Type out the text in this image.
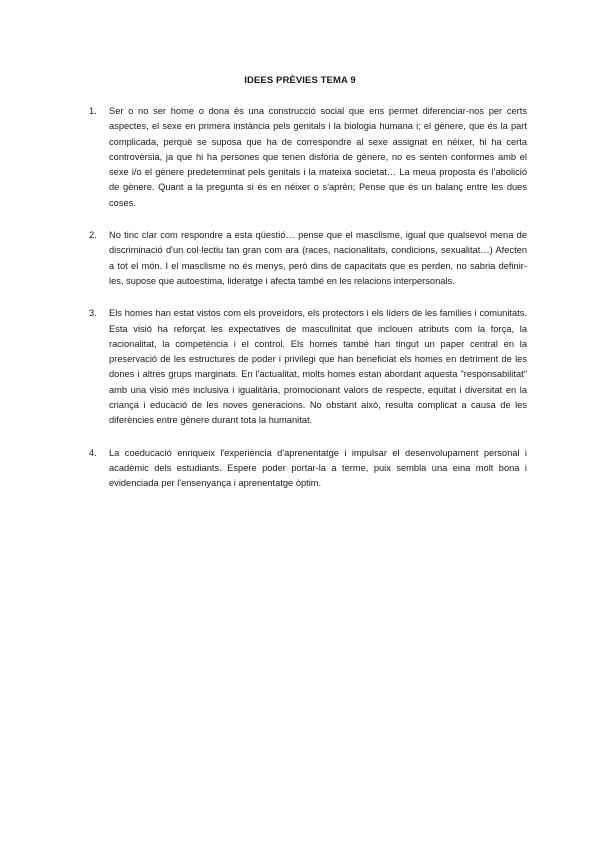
IDEES PRÈVIES TEMA 9
1.	Ser o no ser home o dona és una construcció social que ens permet diferenciar-nos per certs aspectes, el sexe en primera instància pels genitals i la biologia humana i; el gènere, que és la part complicada, perquè se suposa que ha de correspondre al sexe assignat en néixer, hi ha certa controvèrsia, ja que hi ha persones que tenen disfòria de gènere, no es senten conformes amb el sexe i/o el gènere predeterminat pels genitals i la mateixa societat… La meua proposta és l'abolició de gènere. Quant a la pregunta si és en néixer o s'aprèn; Pense que és un balanç entre les dues coses.
2.	No tinc clar com respondre a esta qüestió… pense que el masclisme, igual que qualsevol mena de discriminació d'un col·lectiu tan gran com ara (races, nacionalitats, condicions, sexualitat…) Afecten a tot el món. I el masclisme no és menys, però dins de capacitats que es perden, no sabria definir-les, supose que autoestima, lideratge i afecta també en les relacions interpersonals.
3.	Els homes han estat vistos com els proveïdors, els protectors i els líders de les famílies i comunitats. Esta visió ha reforçat les expectatives de masculinitat que inclouen atributs com la força, la racionalitat, la competència i el control. Els homes també han tingut un paper central en la preservació de les estructures de poder i privilegi que han beneficiat els homes en detriment de les dones i altres grups marginats. En l'actualitat, molts homes estan abordant aquesta "responsabilitat" amb una visió més inclusiva i igualitària, promocionant valors de respecte, equitat i diversitat en la criança i educació de les noves generacions. No obstant això, resulta complicat a causa de les diferències entre gènere durant tota la humanitat.
4.	La coeducació enriqueix l'experiència d'aprenentatge i impulsar el desenvolupament personal i acadèmic dels estudiants. Espere poder portar-la a terme, puix sembla una eina molt bona i evidenciada per l'ensenyança i aprenentatge òptim.
